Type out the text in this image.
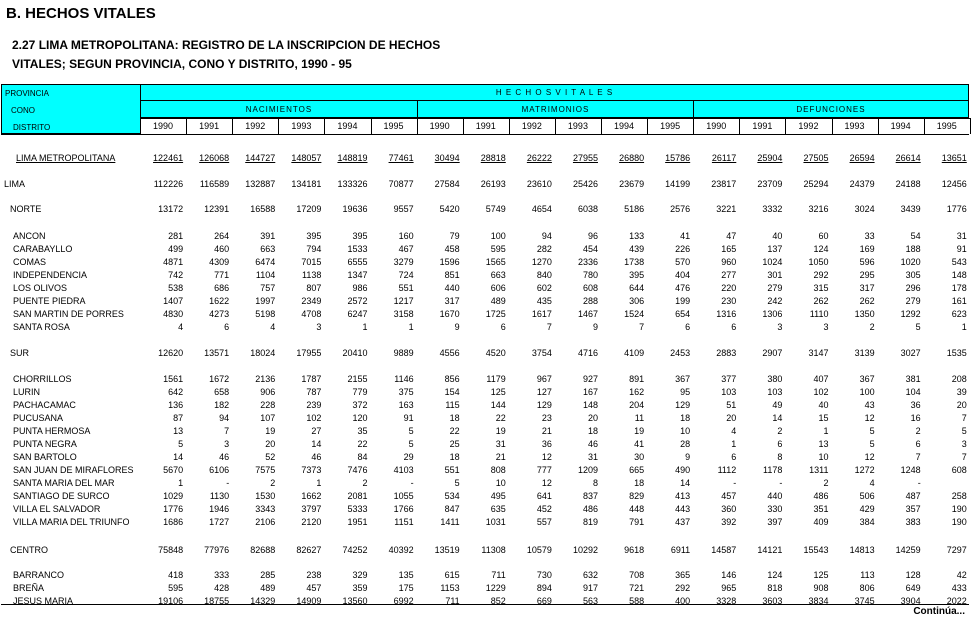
B. HECHOS VITALES
2.27 LIMA METROPOLITANA: REGISTRO DE LA INSCRIPCION DE HECHOS
VITALES; SEGUN PROVINCIA, CONO Y DISTRITO, 1990 - 95
PROVINCIA
CONO
DISTRITO
H E C H O S V I T A L E S
NACIMIENTOS	MATRIMONIOS	DEFUNCIONES
1990	1991	1992	1993	1994	1995	1990	1991	1992	1993	1994	1995	1990	1991	1992	1993	1994	1995
LIMA METROPOLITANA	122461	126068	144727	148057	148819	77461	30494	28818	26222	27955	26880	15786	26117	25904	27505	26594	26614	13651
LIMA	112226	116589	132887	134181	133326	70877	27584	26193	23610	25426	23679	14199	23817	23709	25294	24379	24188	12456
NORTE	13172	12391	16588	17209	19636	9557	5420	5749	4654	6038	5186	2576	3221	3332	3216	3024	3439	1776
ANCON	281	264	391	395	395	160	79	100	94	96	133	41	47	40	60	33	54	31
CARABAYLLO	499	460	663	794	1533	467	458	595	282	454	439	226	165	137	124	169	188	91
COMAS	4871	4309	6474	7015	6555	3279	1596	1565	1270	2336	1738	570	960	1024	1050	596	1020	543
INDEPENDENCIA	742	771	1104	1138	1347	724	851	663	840	780	395	404	277	301	292	295	305	148
LOS OLIVOS	538	686	757	807	986	551	440	606	602	608	644	476	220	279	315	317	296	178
PUENTE PIEDRA	1407	1622	1997	2349	2572	1217	317	489	435	288	306	199	230	242	262	262	279	161
SAN MARTIN DE PORRES	4830	4273	5198	4708	6247	3158	1670	1725	1617	1467	1524	654	1316	1306	1110	1350	1292	623
SANTA ROSA	4	6	4	3	1	1	9	6	7	9	7	6	6	3	3	2	5	1
SUR	12620	13571	18024	17955	20410	9889	4556	4520	3754	4716	4109	2453	2883	2907	3147	3139	3027	1535
CHORRILLOS	1561	1672	2136	1787	2155	1146	856	1179	967	927	891	367	377	380	407	367	381	208
LURIN	642	658	906	787	779	375	154	125	127	167	162	95	103	103	102	100	104	39
PACHACAMAC	136	182	228	239	372	163	115	144	129	148	204	129	51	49	40	43	36	20
PUCUSANA	87	94	107	102	120	91	18	22	23	20	11	18	20	14	15	12	16	7
PUNTA HERMOSA	13	7	19	27	35	5	22	19	21	18	19	10	4	2	1	5	2	5
PUNTA NEGRA	5	3	20	14	22	5	25	31	36	46	41	28	1	6	13	5	6	3
SAN BARTOLO	14	46	52	46	84	29	18	21	12	31	30	9	6	8	10	12	7	7
SAN JUAN DE MIRAFLORES	5670	6106	7575	7373	7476	4103	551	808	777	1209	665	490	1112	1178	1311	1272	1248	608
SANTA MARIA DEL MAR	1	-	2	1	2	-	5	10	12	8	18	14	-	-	2	4	-
SANTIAGO DE SURCO	1029	1130	1530	1662	2081	1055	534	495	641	837	829	413	457	440	486	506	487	258
VILLA EL SALVADOR	1776	1946	3343	3797	5333	1766	847	635	452	486	448	443	360	330	351	429	357	190
VILLA MARIA DEL TRIUNFO	1686	1727	2106	2120	1951	1151	1411	1031	557	819	791	437	392	397	409	384	383	190
CENTRO	75848	77976	82688	82627	74252	40392	13519	11308	10579	10292	9618	6911	14587	14121	15543	14813	14259	7297
BARRANCO	418	333	285	238	329	135	615	711	730	632	708	365	146	124	125	113	128	42
BREÑA	595	428	489	457	359	175	1153	1229	894	917	721	292	965	818	908	806	649	433
JESUS MARIA	19106	18755	14329	14909	13560	6992	711	852	669	563	588	400	3328	3603	3834	3745	3904	2022
Continúa...
